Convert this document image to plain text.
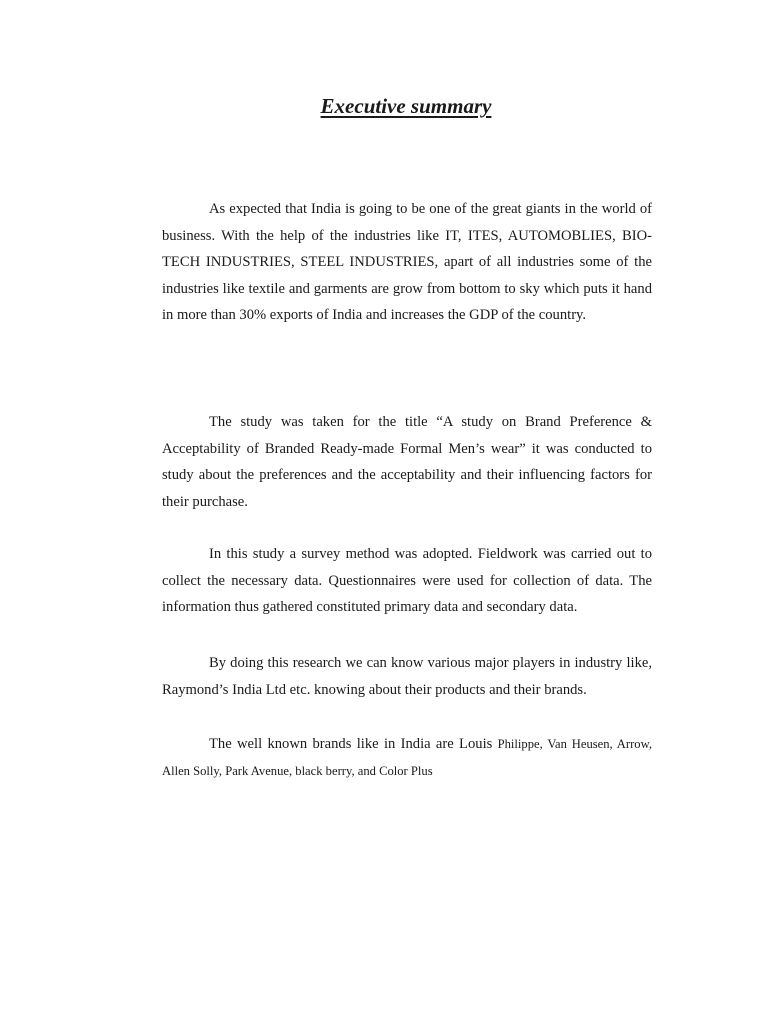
Executive summary

As expected that India is going to be one of the great giants in the world of business. With the help of the industries like IT, ITES, AUTOMOBLIES, BIO-TECH INDUSTRIES, STEEL INDUSTRIES, apart of all industries some of the industries like textile and garments are grow from bottom to sky which puts it hand in more than 30% exports of India and increases the GDP of the country.

The study was taken for the title “A study on Brand Preference & Acceptability of Branded Ready-made Formal Men’s wear” it was conducted to study about the preferences and the acceptability and their influencing factors for their purchase.

In this study a survey method was adopted. Fieldwork was carried out to collect the necessary data. Questionnaires were used for collection of data. The information thus gathered constituted primary data and secondary data.

By doing this research we can know various major players in industry like, Raymond’s India Ltd etc. knowing about their products and their brands.

The well known brands like in India are Louis Philippe, Van Heusen, Arrow, Allen Solly, Park Avenue, black berry, and Color Plus
